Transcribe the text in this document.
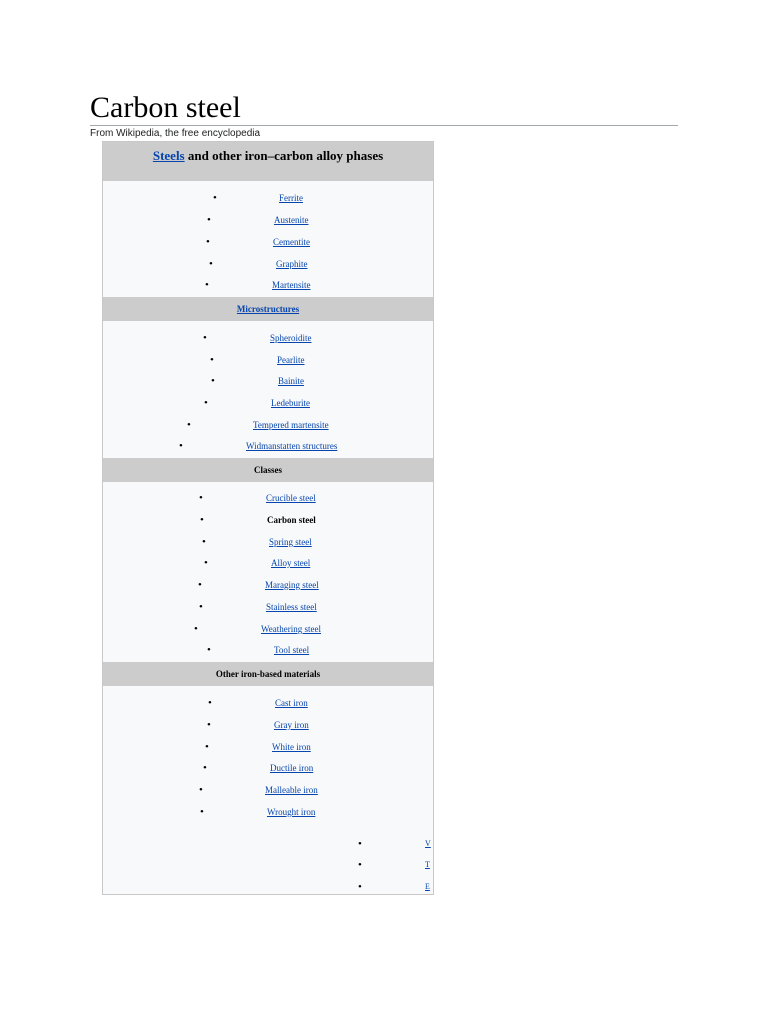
Carbon steel
From Wikipedia, the free encyclopedia
Steels and other iron–carbon alloy phases
•	Ferrite
•	Austenite
•	Cementite
•	Graphite
•	Martensite
Microstructures
•	Spheroidite
•	Pearlite
•	Bainite
•	Ledeburite
•	Tempered martensite
•	Widmanstatten structures
Classes
•	Crucible steel
•	Carbon steel
•	Spring steel
•	Alloy steel
•	Maraging steel
•	Stainless steel
•	Weathering steel
•	Tool steel
Other iron-based materials
•	Cast iron
•	Gray iron
•	White iron
•	Ductile iron
•	Malleable iron
•	Wrought iron
•	V
•	T
•	E
